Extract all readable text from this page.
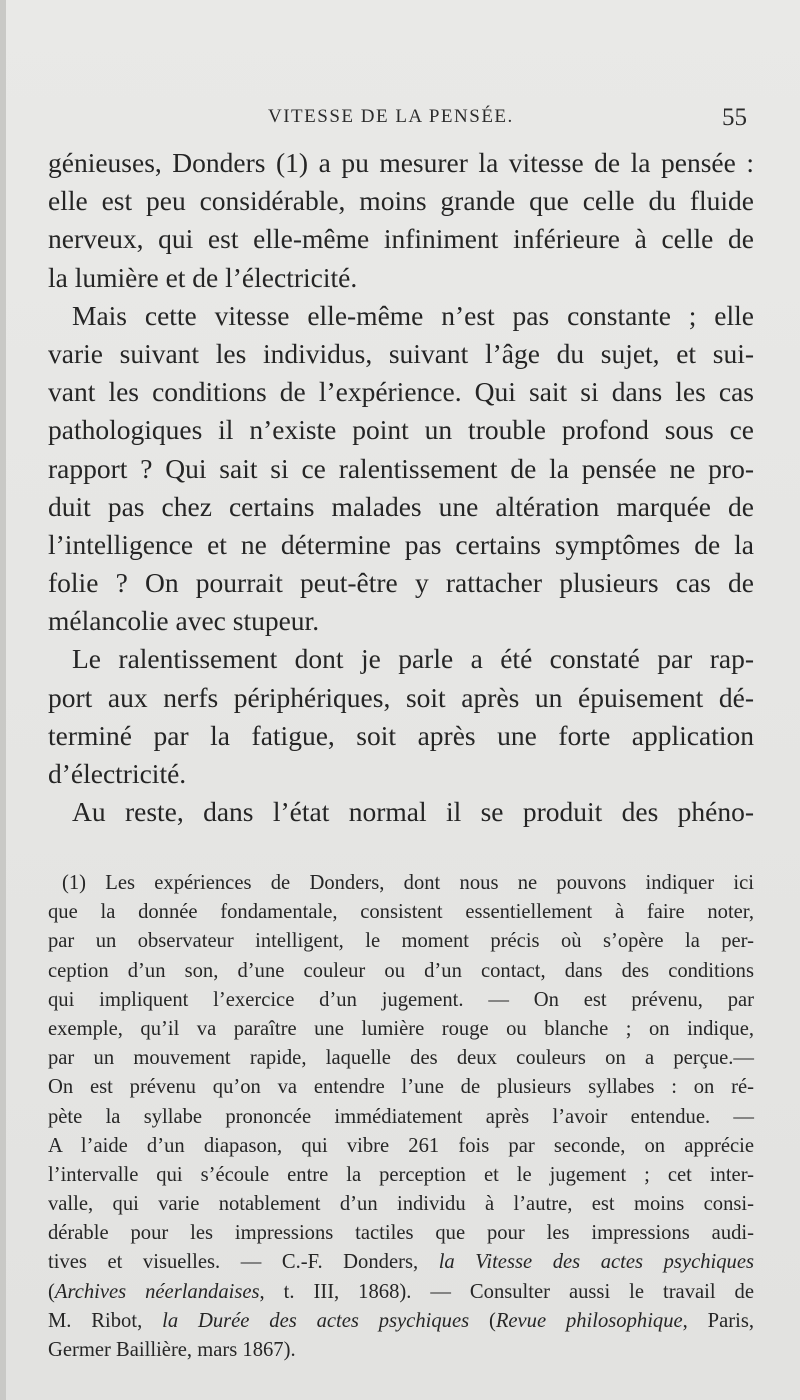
VITESSE DE LA PENSÉE.	55
génieuses, Donders (1) a pu mesurer la vitesse de la pensée :
elle est peu considérable, moins grande que celle du fluide
nerveux, qui est elle-même infiniment inférieure à celle de
la lumière et de l’électricité.
Mais cette vitesse elle-même n’est pas constante ; elle
varie suivant les individus, suivant l’âge du sujet, et sui-
vant les conditions de l’expérience. Qui sait si dans les cas
pathologiques il n’existe point un trouble profond sous ce
rapport ? Qui sait si ce ralentissement de la pensée ne pro-
duit pas chez certains malades une altération marquée de
l’intelligence et ne détermine pas certains symptômes de la
folie ? On pourrait peut-être y rattacher plusieurs cas de
mélancolie avec stupeur.
Le ralentissement dont je parle a été constaté par rap-
port aux nerfs périphériques, soit après un épuisement dé-
terminé par la fatigue, soit après une forte application
d’électricité.
Au reste, dans l’état normal il se produit des phéno-
(1) Les expériences de Donders, dont nous ne pouvons indiquer ici
que la donnée fondamentale, consistent essentiellement à faire noter,
par un observateur intelligent, le moment précis où s’opère la per-
ception d’un son, d’une couleur ou d’un contact, dans des conditions
qui impliquent l’exercice d’un jugement. — On est prévenu, par
exemple, qu’il va paraître une lumière rouge ou blanche ; on indique,
par un mouvement rapide, laquelle des deux couleurs on a perçue.—
On est prévenu qu’on va entendre l’une de plusieurs syllabes : on ré-
pète la syllabe prononcée immédiatement après l’avoir entendue. —
A l’aide d’un diapason, qui vibre 261 fois par seconde, on apprécie
l’intervalle qui s’écoule entre la perception et le jugement ; cet inter-
valle, qui varie notablement d’un individu à l’autre, est moins consi-
dérable pour les impressions tactiles que pour les impressions audi-
tives et visuelles. — C.-F. Donders, la Vitesse des actes psychiques
(Archives néerlandaises, t. III, 1868). — Consulter aussi le travail de
M. Ribot, la Durée des actes psychiques (Revue philosophique, Paris,
Germer Baillière, mars 1867).
